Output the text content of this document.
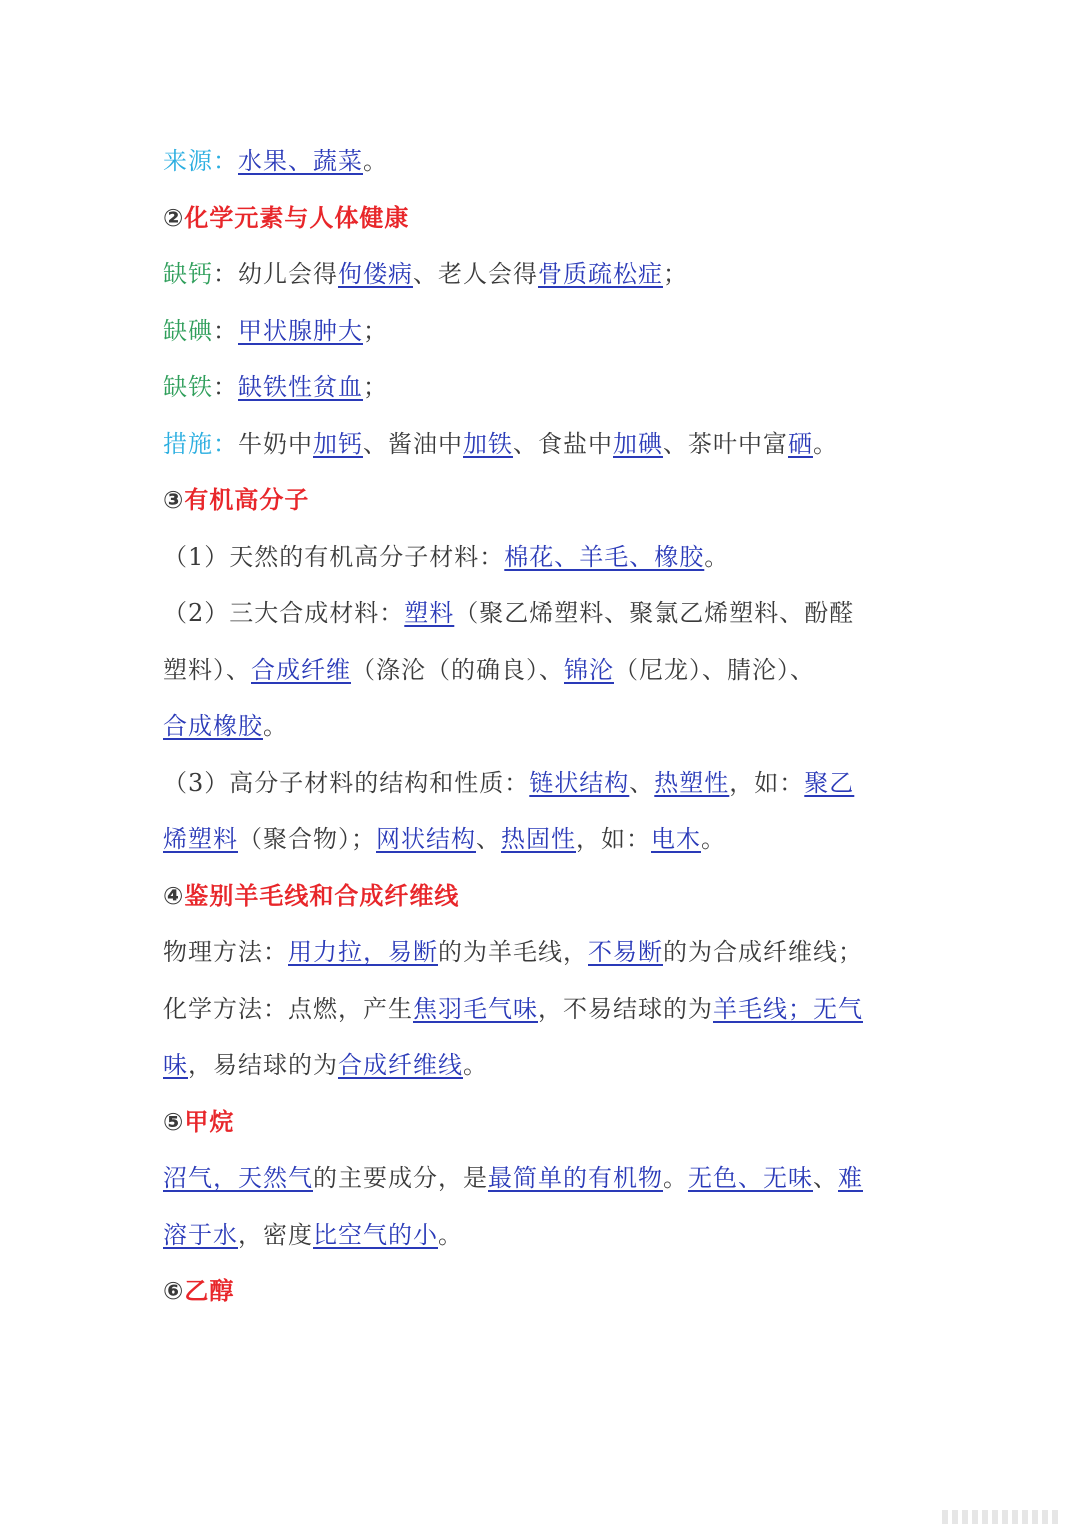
来源：水果、蔬菜。
②化学元素与人体健康
缺钙：幼儿会得佝偻病、老人会得骨质疏松症；
缺碘：甲状腺肿大；
缺铁：缺铁性贫血；
措施：牛奶中加钙、酱油中加铁、食盐中加碘、茶叶中富硒。
③有机高分子
（1）天然的有机高分子材料：棉花、羊毛、橡胶。
（2）三大合成材料：塑料（聚乙烯塑料、聚氯乙烯塑料、酚醛
塑料）、合成纤维（涤沦（的确良）、锦沦（尼龙）、腈沦）、
合成橡胶。
（3）高分子材料的结构和性质：链状结构、热塑性，如：聚乙
烯塑料（聚合物）；网状结构、热固性，如：电木。
④鉴别羊毛线和合成纤维线
物理方法：用力拉，易断的为羊毛线，不易断的为合成纤维线；
化学方法：点燃，产生焦羽毛气味，不易结球的为羊毛线；无气
味，易结球的为合成纤维线。
⑤甲烷
沼气，天然气的主要成分，是最简单的有机物。无色、无味、难
溶于水，密度比空气的小。
⑥乙醇
